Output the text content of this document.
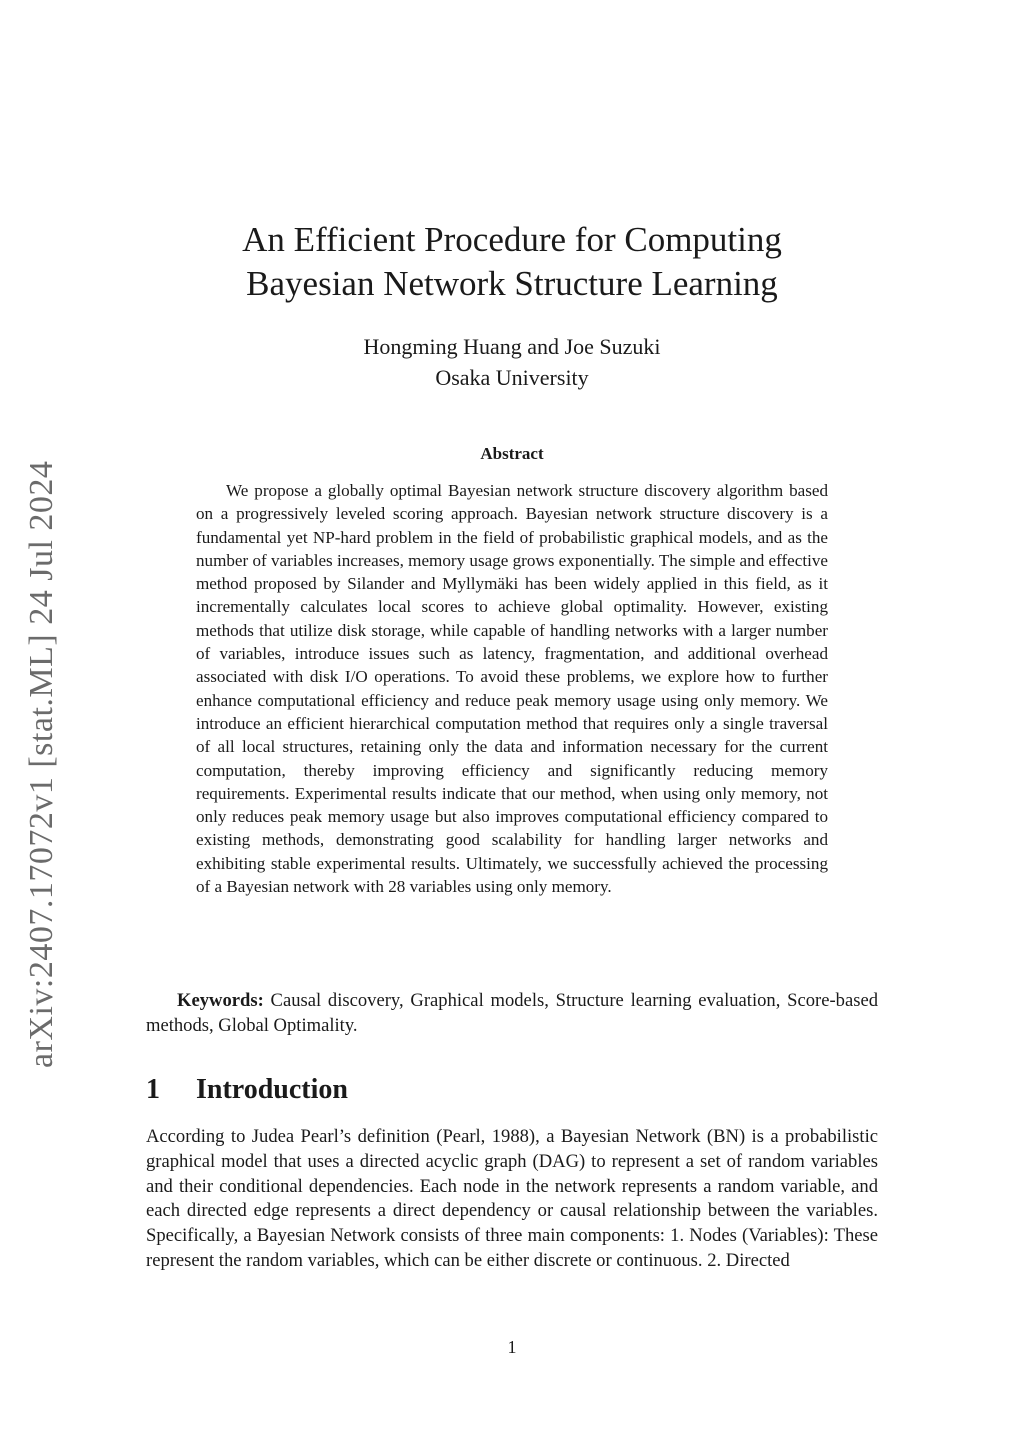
arXiv:2407.17072v1 [stat.ML] 24 Jul 2024
An Efficient Procedure for Computing
Bayesian Network Structure Learning
Hongming Huang and Joe Suzuki
Osaka University
Abstract

We propose a globally optimal Bayesian network structure discovery algorithm based on a progressively leveled scoring approach. Bayesian network structure discovery is a fundamental yet NP-hard problem in the field of probabilistic graphical models, and as the number of variables increases, memory usage grows exponentially. The simple and effective method proposed by Silander and Myllymäki has been widely applied in this field, as it incrementally calculates local scores to achieve global optimality. However, existing methods that utilize disk storage, while capable of handling networks with a larger number of variables, introduce issues such as latency, fragmentation, and additional overhead associated with disk I/O operations. To avoid these problems, we explore how to further enhance computational efficiency and reduce peak memory usage using only memory. We introduce an efficient hierarchical computation method that requires only a single traversal of all local structures, retaining only the data and information necessary for the current computation, thereby improving efficiency and significantly reducing memory requirements. Experimental results indicate that our method, when using only memory, not only reduces peak memory usage but also improves computational efficiency compared to existing methods, demonstrating good scalability for handling larger networks and exhibiting stable experimental results. Ultimately, we successfully achieved the processing of a Bayesian network with 28 variables using only memory.

Keywords: Causal discovery, Graphical models, Structure learning evaluation, Score-based methods, Global Optimality.

1 Introduction

According to Judea Pearl’s definition (Pearl, 1988), a Bayesian Network (BN) is a probabilistic graphical model that uses a directed acyclic graph (DAG) to represent a set of random variables and their conditional dependencies. Each node in the network represents a random variable, and each directed edge represents a direct dependency or causal relationship between the variables. Specifically, a Bayesian Network consists of three main components: 1. Nodes (Variables): These represent the random variables, which can be either discrete or continuous. 2. Directed

1
